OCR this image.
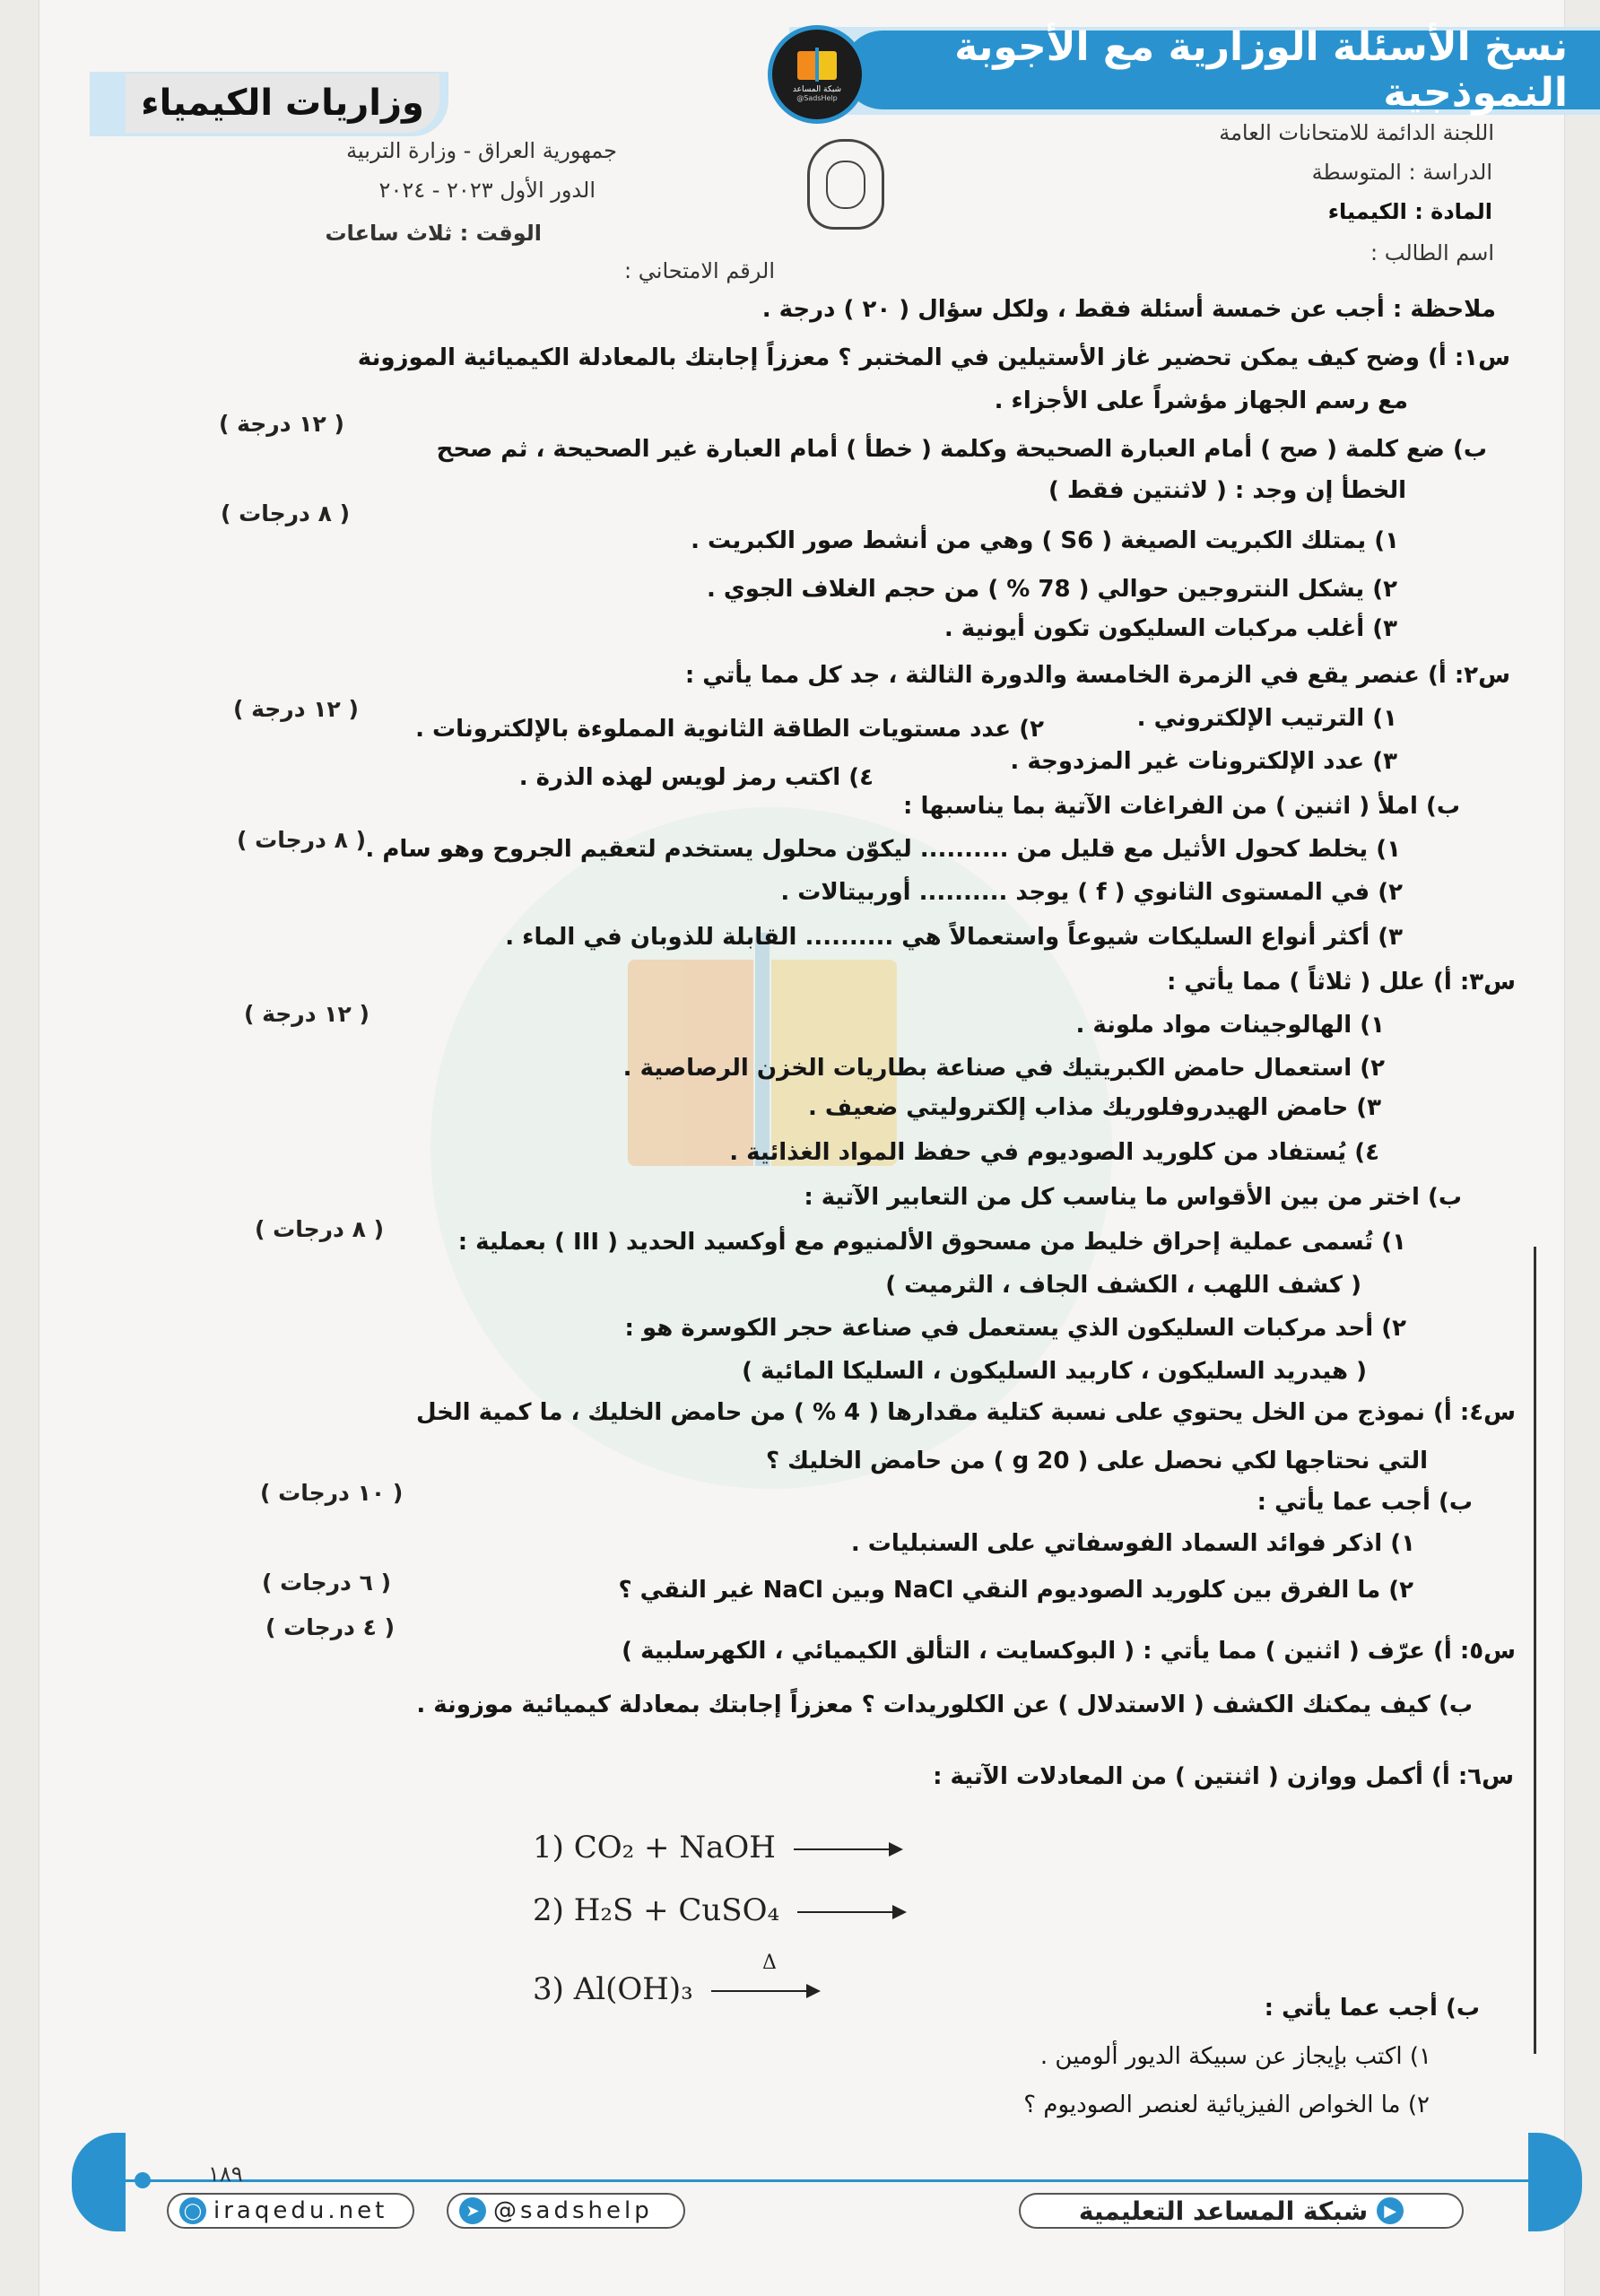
نسخ الأسئلة الوزارية مع الأجوبة النموذجية
شبكة المساعد
@SadsHelp
وزاريات الكيمياء
اللجنة الدائمة للامتحانات العامة
الدراسة : المتوسطة
المادة : الكيمياء
اسم الطالب :
جمهورية العراق - وزارة التربية
الدور الأول ٢٠٢٣ - ٢٠٢٤
الوقت : ثلاث ساعات
الرقم الامتحاني :
ملاحظة : أجب عن خمسة أسئلة فقط ، ولكل سؤال ( ٢٠ ) درجة .
س١: أ) وضح كيف يمكن تحضير غاز الأستيلين في المختبر ؟ معززاً إجابتك بالمعادلة الكيميائية الموزونة
مع رسم الجهاز مؤشراً على الأجزاء .
( ١٢ درجة )
ب) ضع كلمة ( صح ) أمام العبارة الصحيحة وكلمة ( خطأ ) أمام العبارة غير الصحيحة ، ثم صحح
الخطأ إن وجد : ( لاثنتين فقط )
( ٨ درجات )
١) يمتلك الكبريت الصيغة ( S6 ) وهي من أنشط صور الكبريت .
٢) يشكل النتروجين حوالي ( 78 % ) من حجم الغلاف الجوي .
٣) أغلب مركبات السليكون تكون أيونية .
س٢: أ) عنصر يقع في الزمرة الخامسة والدورة الثالثة ، جد كل مما يأتي :
( ١٢ درجة )	١) الترتيب الإلكتروني .
٢) عدد مستويات الطاقة الثانوية المملوءة بالإلكترونات .
٣) عدد الإلكترونات غير المزدوجة .
٤) اكتب رمز لويس لهذه الذرة .
ب) املأ ( اثنين ) من الفراغات الآتية بما يناسبها :
( ٨ درجات ) ١) يخلط كحول الأثيل مع قليل من .......... ليكوّن محلول يستخدم لتعقيم الجروح وهو سام .
٢) في المستوى الثانوي ( f ) يوجد .......... أوربيتالات .
٣) أكثر أنواع السليكات شيوعاً واستعمالاً هي .......... القابلة للذوبان في الماء .
س٣: أ) علل ( ثلاثاً ) مما يأتي :
( ١٢ درجة )	١) الهالوجينات مواد ملونة .
٢) استعمال حامض الكبريتيك في صناعة بطاريات الخزن الرصاصية .
٣) حامض الهيدروفلوريك مذاب إلكتروليتي ضعيف .
٤) يُستفاد من كلوريد الصوديوم في حفظ المواد الغذائية .
ب) اختر من بين الأقواس ما يناسب كل من التعابير الآتية :
( ٨ درجات )	١) تُسمى عملية إحراق خليط من مسحوق الألمنيوم مع أوكسيد الحديد ( III ) بعملية :
( كشف اللهب ، الكشف الجاف ، الثرميت )
٢) أحد مركبات السليكون الذي يستعمل في صناعة حجر الكوسرة هو :
( هيدريد السليكون ، كاربيد السليكون ، السليكا المائية )
س٤: أ) نموذج من الخل يحتوي على نسبة كتلية مقدارها ( 4 % ) من حامض الخليك ، ما كمية الخل
التي نحتاجها لكي نحصل على ( 20 g ) من حامض الخليك ؟
( ١٠ درجات )	ب) أجب عما يأتي :
١) اذكر فوائد السماد الفوسفاتي على السنبليات .
( ٦ درجات )	٢) ما الفرق بين كلوريد الصوديوم النقي NaCl وبين NaCl غير النقي ؟
( ٤ درجات )
س٥: أ) عرّف ( اثنين ) مما يأتي : ( البوكسايت ، التألق الكيميائي ، الكهرسلبية )
ب) كيف يمكنك الكشف ( الاستدلال ) عن الكلوريدات ؟ معززاً إجابتك بمعادلة كيميائية موزونة .
س٦: أ) أكمل ووازن ( اثنتين ) من المعادلات الآتية :
1) CO₂ + NaOH →
2) H₂S + CuSO₄ →
3) Al(OH)₃ →
Δ
ب) أجب عما يأتي :
١) اكتب بإيجاز عن سبيكة الديور ألومين .
٢) ما الخواص الفيزيائية لعنصر الصوديوم ؟
١٨٩
◯ iraqedu.net	➤ @sadshelp	شبكة المساعد التعليمية	▶
